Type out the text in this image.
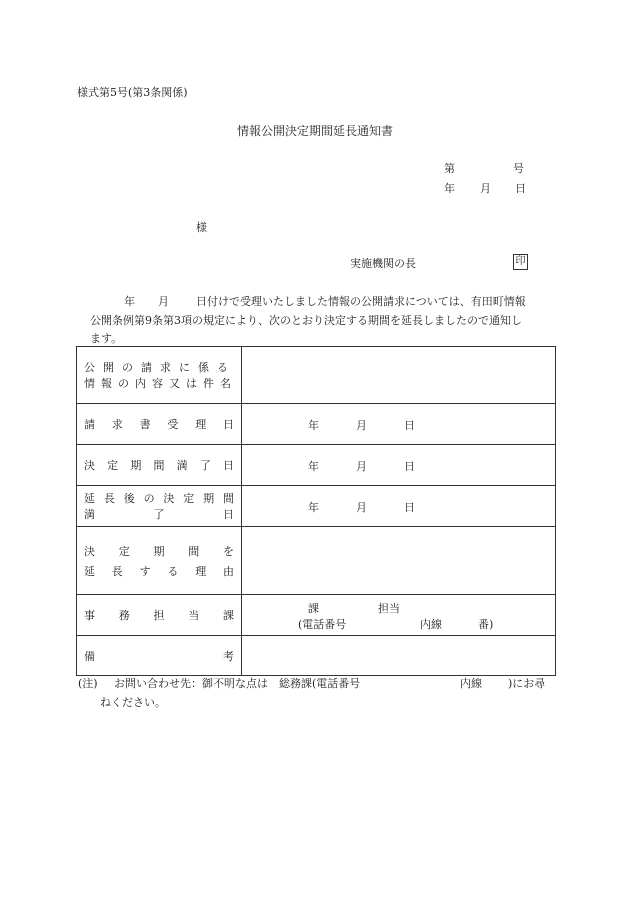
様式第5号(第3条関係)
情報公開決定期間延長通知書
第	号
年 月 日
様
実施機関の長	印
年 月 日付けで受理いたしました情報の公開請求については、有田町情報
公開条例第9条第3項の規定により、次のとおり決定する期間を延長しましたので通知し
ます。
公開の請求に係る
情報の内容又は件名	

請求書受理日	年 月 日

決定期間満了日	年 月 日

延長後の決定期間
満 了 日	年 月 日

決定期間を
延長する理由	

事務担当課	課 担当
(電話番号 内線 番)

備 考	

(注) お問い合わせ先：御不明な点は　総務課(電話番号	内線 )にお尋
ねください。
